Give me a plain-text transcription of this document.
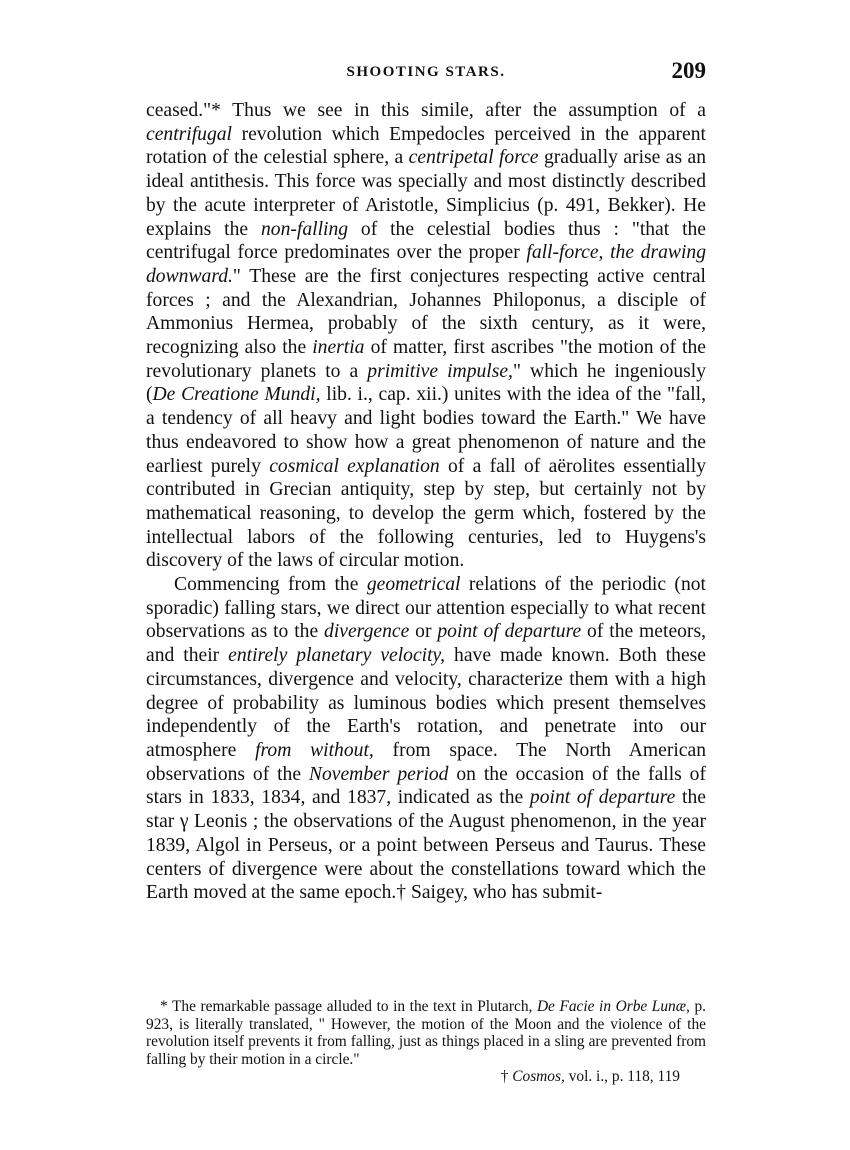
SHOOTING STARS.	209

ceased."* Thus we see in this simile, after the assumption of a centrifugal revolution which Empedocles perceived in the apparent rotation of the celestial sphere, a centripetal force gradually arise as an ideal antithesis. This force was specially and most distinctly described by the acute interpreter of Aristotle, Simplicius (p. 491, Bekker). He explains the non-falling of the celestial bodies thus : "that the centrifugal force predominates over the proper fall-force, the drawing downward." These are the first conjectures respecting active central forces ; and the Alexandrian, Johannes Philoponus, a disciple of Ammonius Hermea, probably of the sixth century, as it were, recognizing also the inertia of matter, first ascribes "the motion of the revolutionary planets to a primitive impulse," which he ingeniously (De Creatione Mundi, lib. i., cap. xii.) unites with the idea of the "fall, a tendency of all heavy and light bodies toward the Earth." We have thus endeavored to show how a great phenomenon of nature and the earliest purely cosmical explanation of a fall of aërolites essentially contributed in Grecian antiquity, step by step, but certainly not by mathematical reasoning, to develop the germ which, fostered by the intellectual labors of the following centuries, led to Huygens's discovery of the laws of circular motion.

Commencing from the geometrical relations of the periodic (not sporadic) falling stars, we direct our attention especially to what recent observations as to the divergence or point of departure of the meteors, and their entirely planetary velocity, have made known. Both these circumstances, divergence and velocity, characterize them with a high degree of probability as luminous bodies which present themselves independently of the Earth's rotation, and penetrate into our atmosphere from without, from space. The North American observations of the November period on the occasion of the falls of stars in 1833, 1834, and 1837, indicated as the point of departure the star γ Leonis ; the observations of the August phenomenon, in the year 1839, Algol in Perseus, or a point between Perseus and Taurus. These centers of divergence were about the constellations toward which the Earth moved at the same epoch.† Saigey, who has submit-

* The remarkable passage alluded to in the text in Plutarch, De Facie in Orbe Lunæ, p. 923, is literally translated, " However, the motion of the Moon and the violence of the revolution itself prevents it from falling, just as things placed in a sling are prevented from falling by their motion in a circle."

† Cosmos, vol. i., p. 118, 119
